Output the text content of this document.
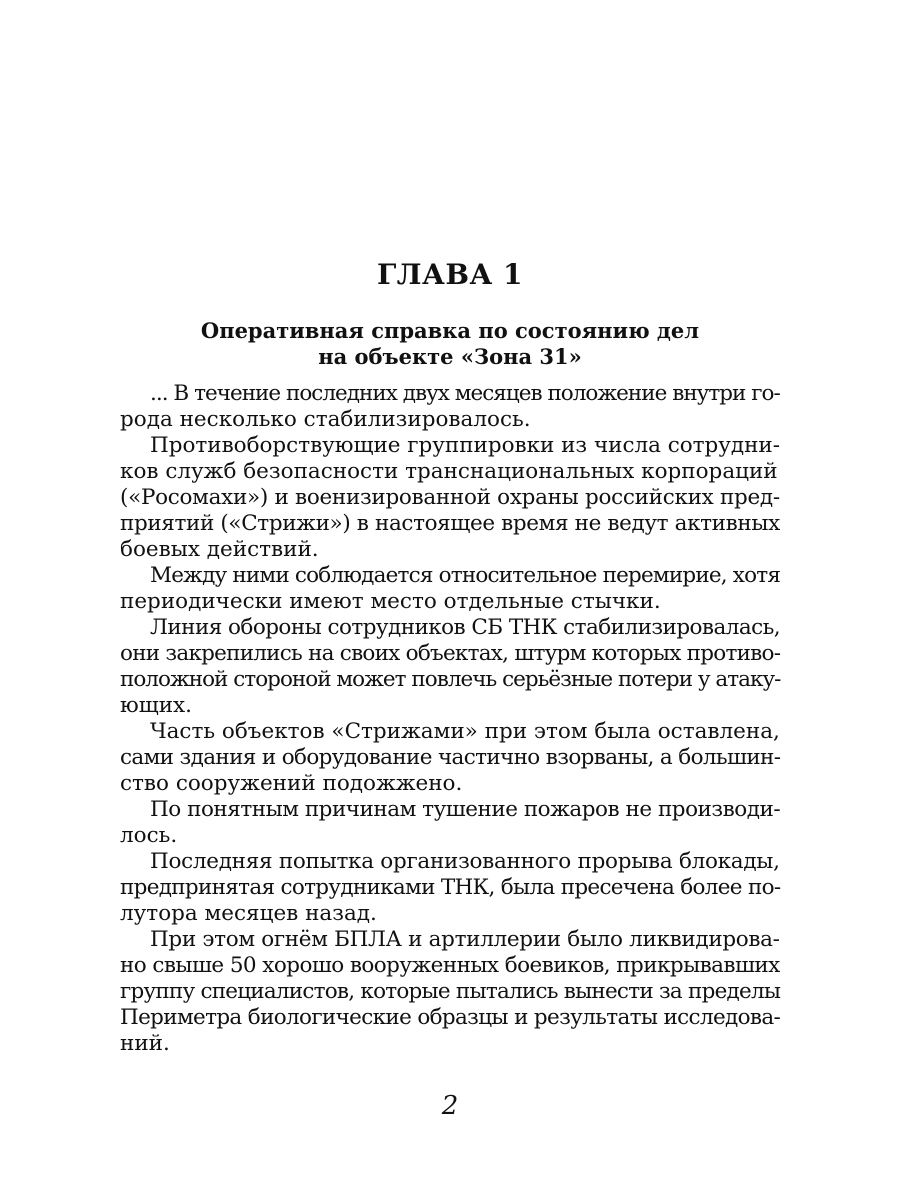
ГЛАВА 1
Оперативная справка по состоянию дел
на объекте «Зона 31»

... В течение последних двух месяцев положение внутри го-
рода несколько стабилизировалось.

Противоборствующие группировки из числа сотрудни-
ков служб безопасности транснациональных корпораций
(«Росомахи») и военизированной охраны российских пред-
приятий («Стрижи») в настоящее время не ведут активных
боевых действий.

Между ними соблюдается относительное перемирие, хотя
периодически имеют место отдельные стычки.

Линия обороны сотрудников СБ ТНК стабилизировалась,
они закрепились на своих объектах, штурм которых противо-
положной стороной может повлечь серьёзные потери у атаку-
ющих.

Часть объектов «Стрижами» при этом была оставлена,
сами здания и оборудование частично взорваны, а большин-
ство сооружений подожжено.

По понятным причинам тушение пожаров не производи-
лось.

Последняя попытка организованного прорыва блокады,
предпринятая сотрудниками ТНК, была пресечена более по-
лутора месяцев назад.

При этом огнём БПЛА и артиллерии было ликвидирова-
но свыше 50 хорошо вооруженных боевиков, прикрывавших
группу специалистов, которые пытались вынести за пределы
Периметра биологические образцы и результаты исследова-
ний.

2
